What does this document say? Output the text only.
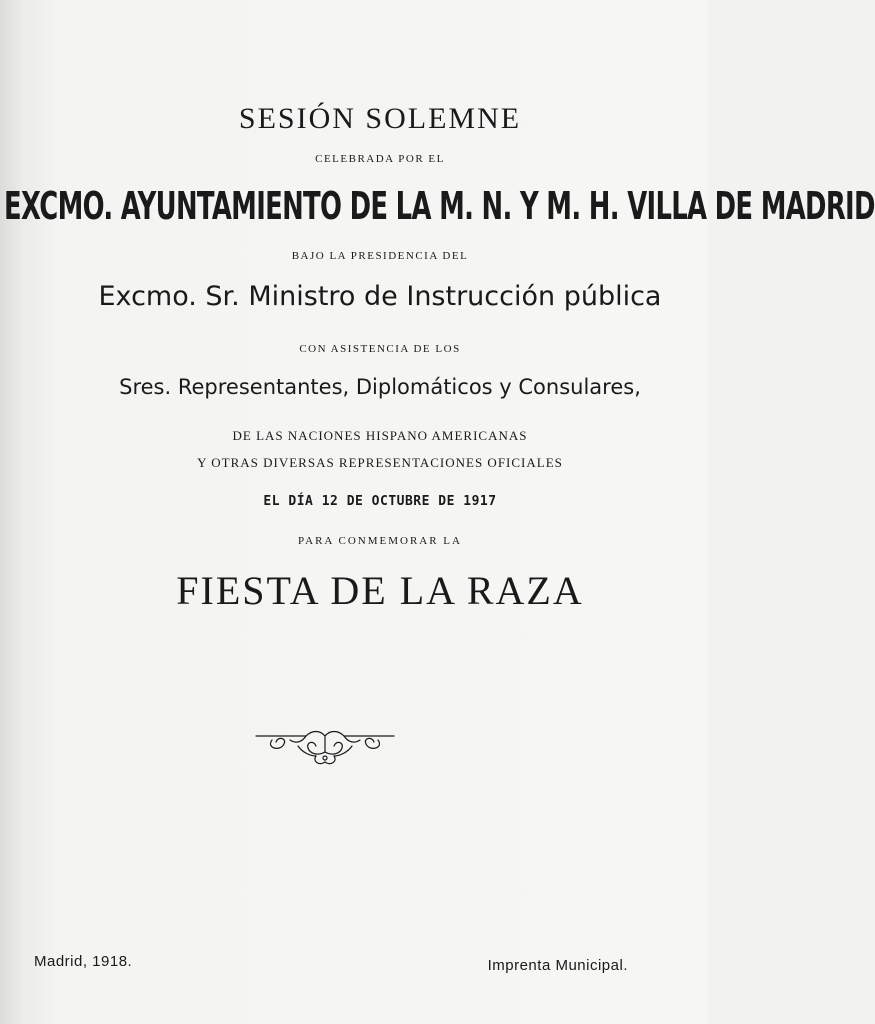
SESIÓN SOLEMNE
CELEBRADA POR EL
EXCMO. AYUNTAMIENTO DE LA M. N. Y M. H. VILLA DE MADRID
BAJO LA PRESIDENCIA DEL
Excmo. Sr. Ministro de Instrucción pública
CON ASISTENCIA DE LOS
Sres. Representantes, Diplomáticos y Consulares,
DE LAS NACIONES HISPANO AMERICANAS
Y OTRAS DIVERSAS REPRESENTACIONES OFICIALES
EL DÍA 12 DE OCTUBRE DE 1917
PARA CONMEMORAR LA
FIESTA DE LA RAZA
Madrid, 1918.	Imprenta Municipal.
